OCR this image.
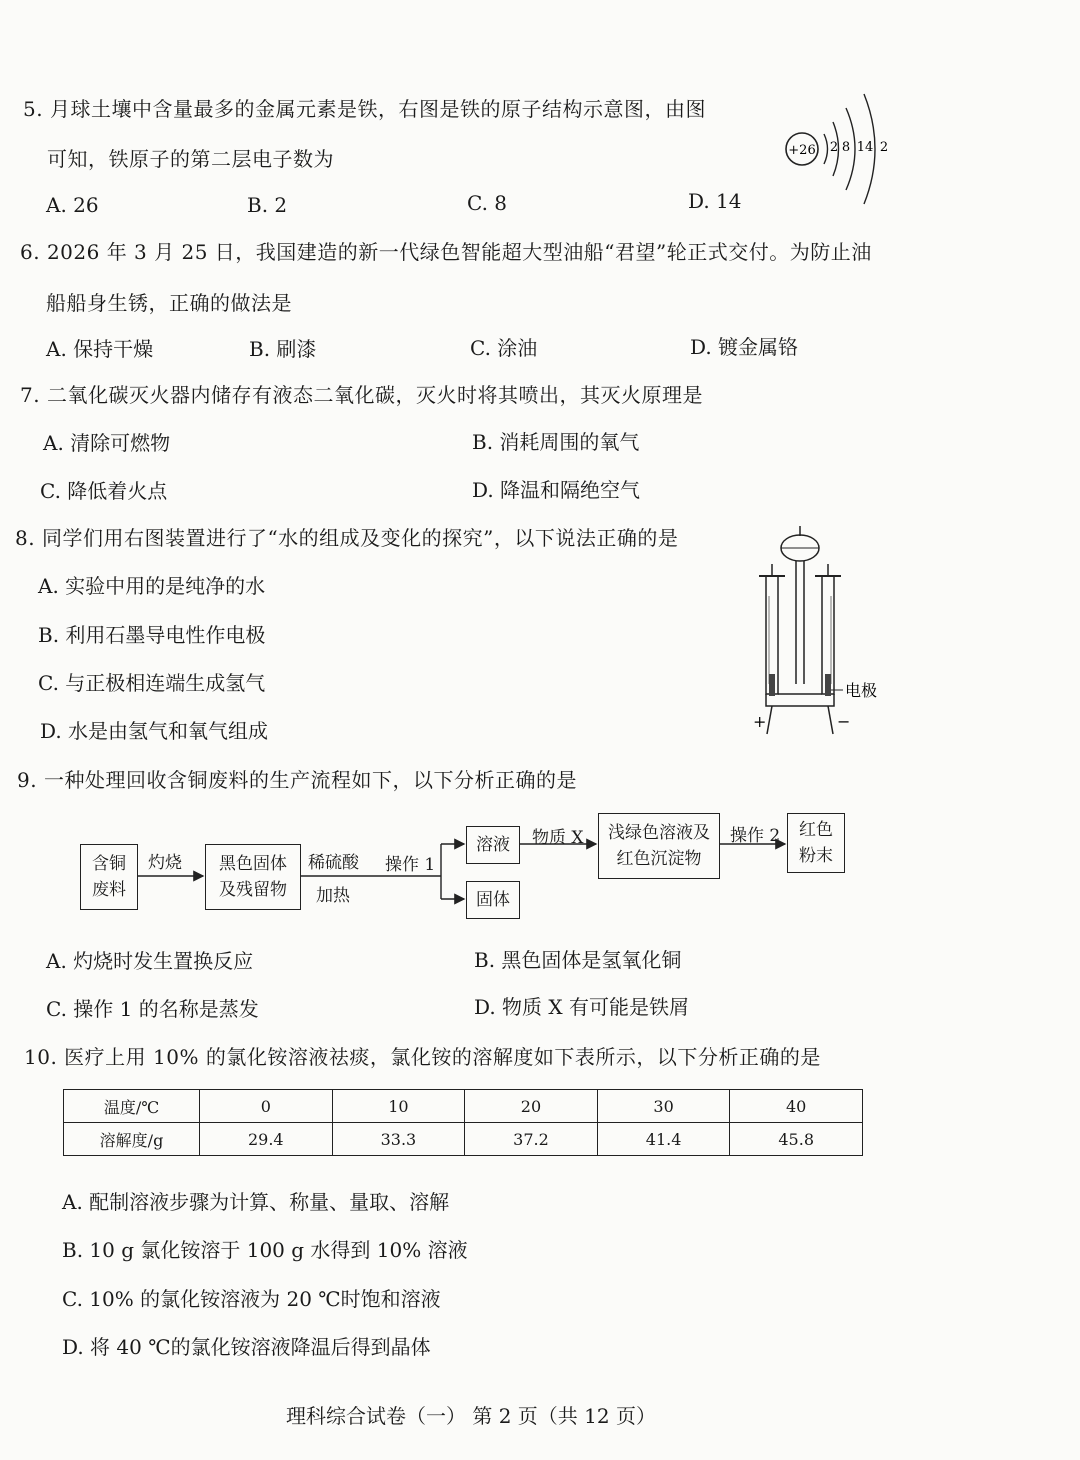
5. 月球土壤中含量最多的金属元素是铁，右图是铁的原子结构示意图，由图
可知，铁原子的第二层电子数为
A. 26	B. 2	C. 8	D. 14
+26 2 8 14 2
6. 2026 年 3 月 25 日，我国建造的新一代绿色智能超大型油船“君望”轮正式交付。为防止油
船船身生锈，正确的做法是
A. 保持干燥	B. 刷漆	C. 涂油	D. 镀金属铬
7. 二氧化碳灭火器内储存有液态二氧化碳，灭火时将其喷出，其灭火原理是
A. 清除可燃物	B. 消耗周围的氧气
C. 降低着火点	D. 降温和隔绝空气
8. 同学们用右图装置进行了“水的组成及变化的探究”，以下说法正确的是
A. 实验中用的是纯净的水
B. 利用石墨导电性作电极
C. 与正极相连端生成氢气
D. 水是由氢气和氧气组成
电极
+	−
9. 一种处理回收含铜废料的生产流程如下，以下分析正确的是
含铜
废料
灼烧 黑色固体
及残留物
稀硫酸
加热
操作 1
溶液
固体
物质 X 浅绿色溶液及
红色沉淀物
操作 2 红色
粉末
A. 灼烧时发生置换反应	B. 黑色固体是氢氧化铜
C. 操作 1 的名称是蒸发	D. 物质 X 有可能是铁屑
10. 医疗上用 10% 的氯化铵溶液祛痰，氯化铵的溶解度如下表所示，以下分析正确的是
温度/℃	0	10	20	30	40
溶解度/g	29.4	33.3	37.2	41.4	45.8
A. 配制溶液步骤为计算、称量、量取、溶解
B. 10 g 氯化铵溶于 100 g 水得到 10% 溶液
C. 10% 的氯化铵溶液为 20 ℃时饱和溶液
D. 将 40 ℃的氯化铵溶液降温后得到晶体
理科综合试卷（一） 第 2 页（共 12 页）
